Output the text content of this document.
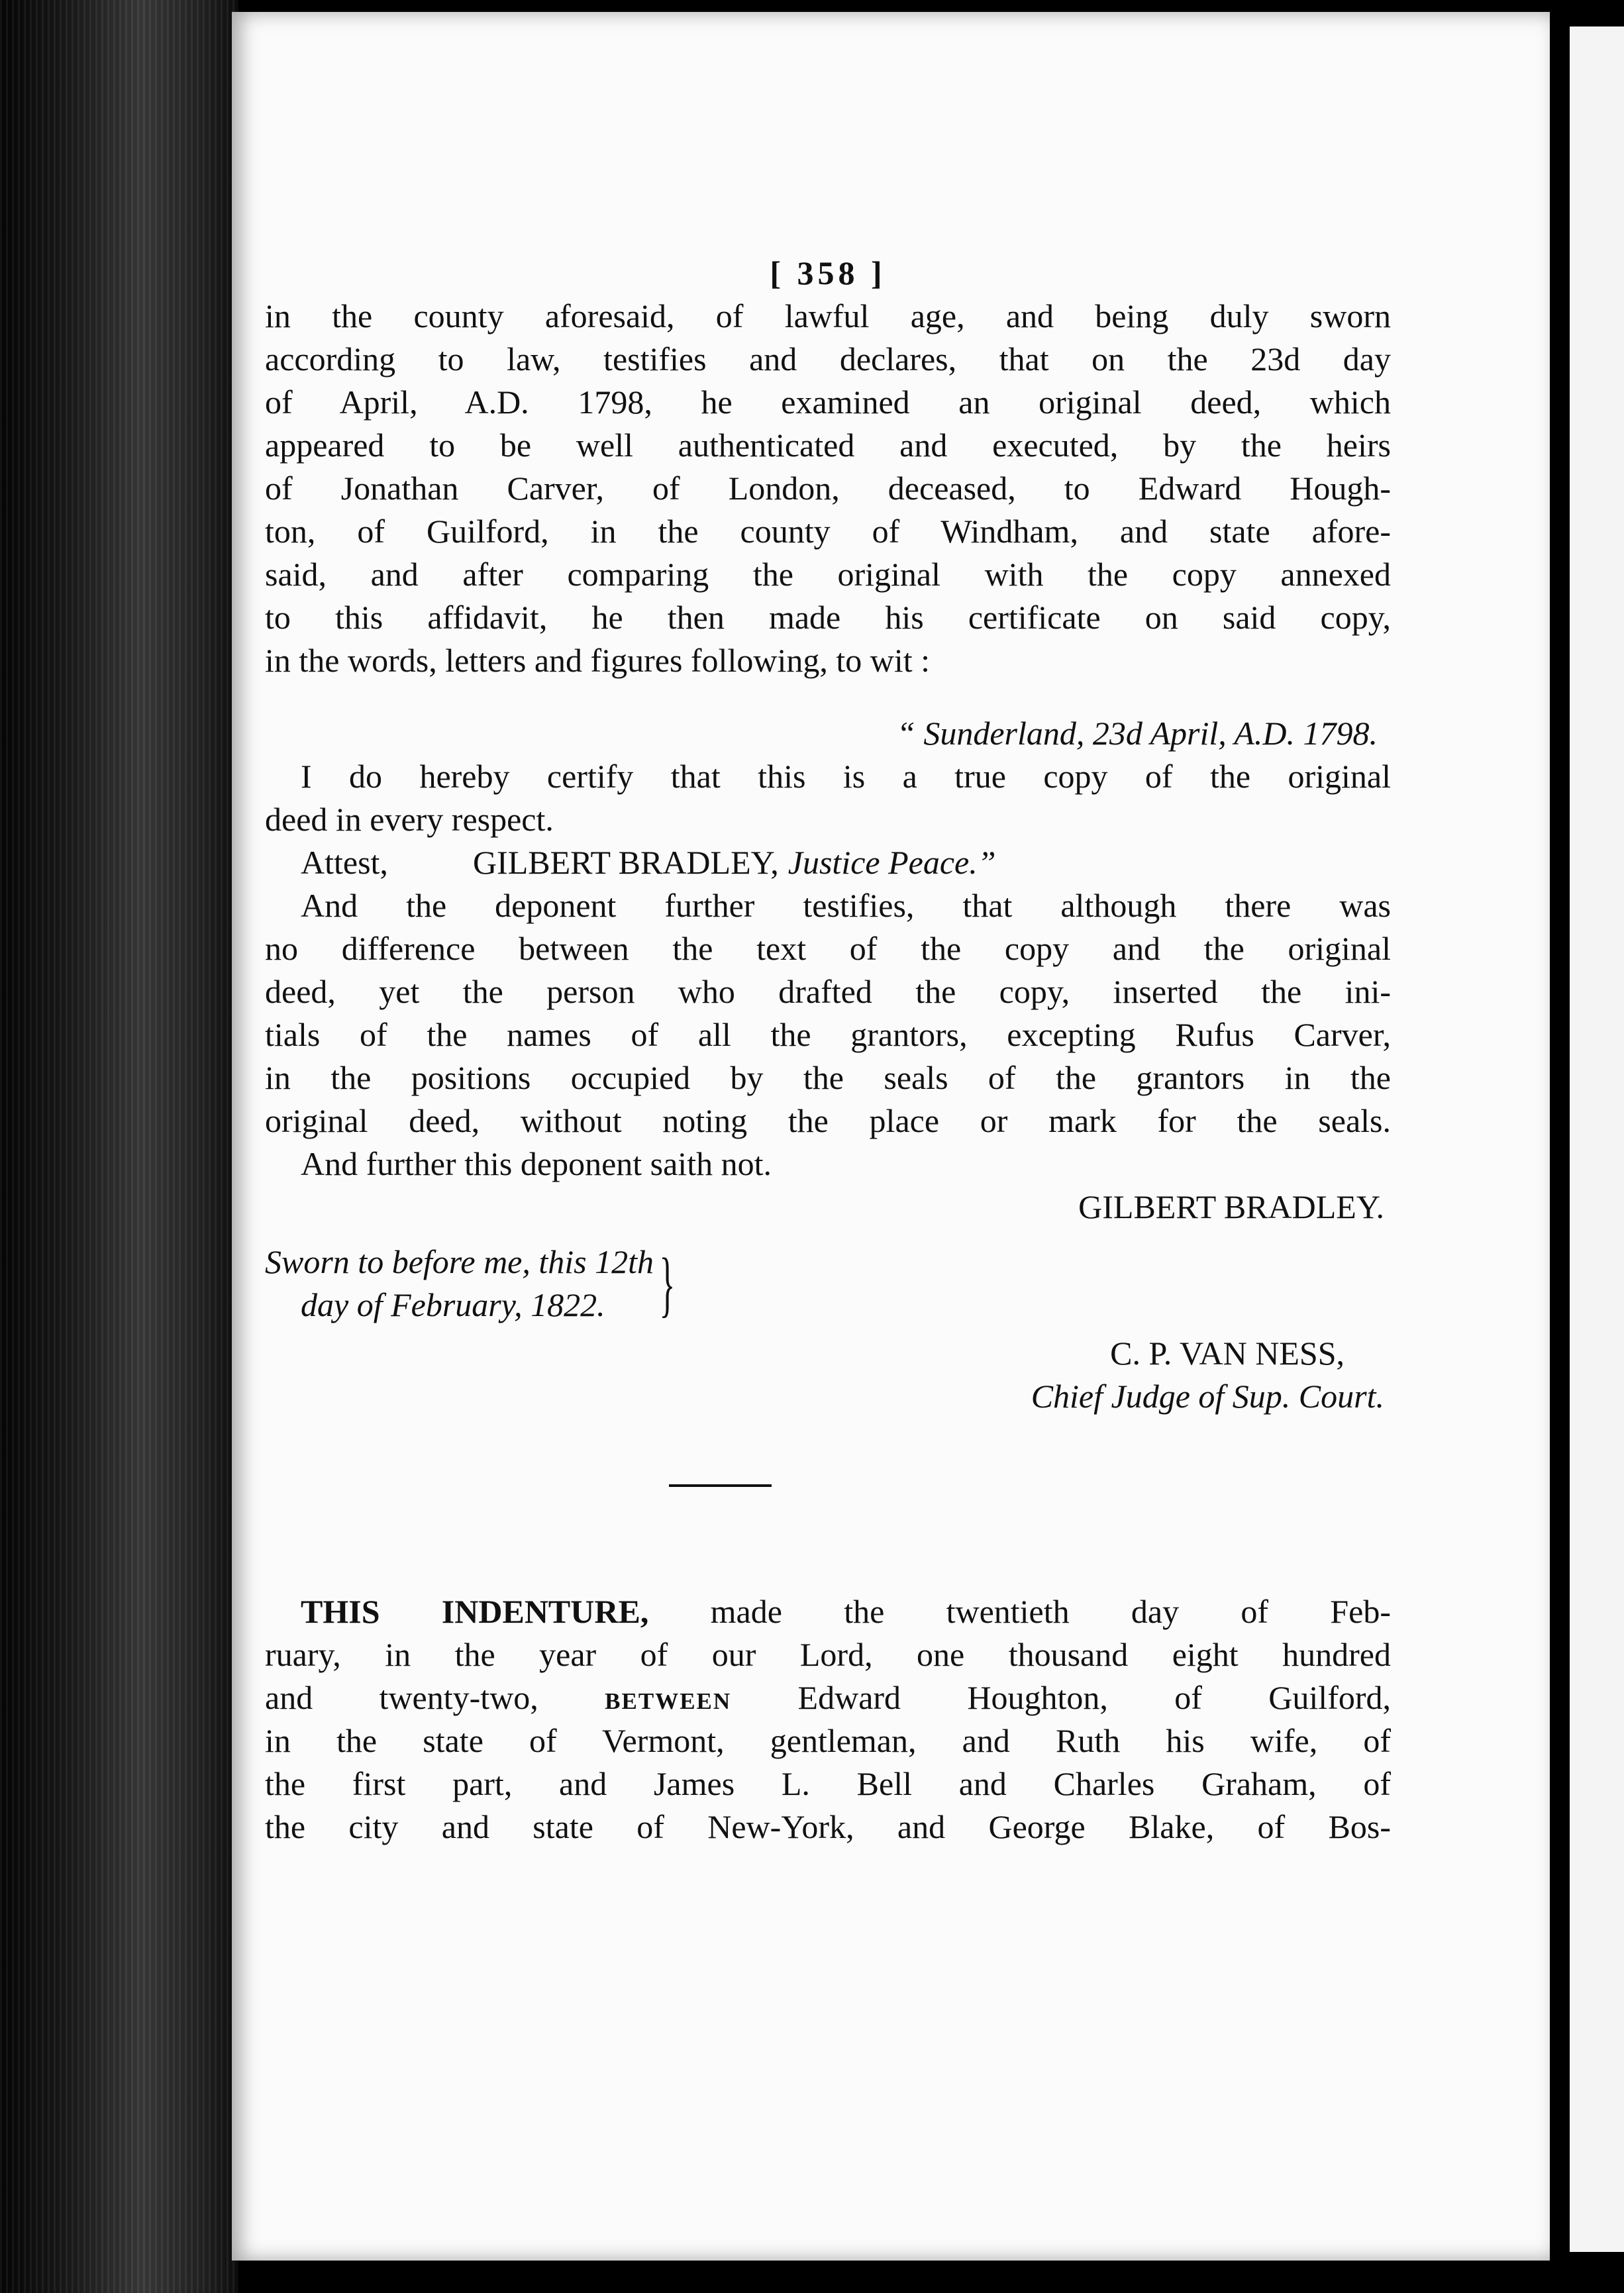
[ 358 ]

in the county aforesaid, of lawful age, and being duly sworn

according to law, testifies and declares, that on the 23d day

of April, A.D. 1798, he examined an original deed, which

appeared to be well authenticated and executed, by the heirs

of Jonathan Carver, of London, deceased, to Edward Hough-

ton, of Guilford, in the county of Windham, and state afore-

said, and after comparing the original with the copy annexed

to this affidavit, he then made his certificate on said copy,

in the words, letters and figures following, to wit :

“ Sunderland, 23d April, A.D. 1798.

I do hereby certify that this is a true copy of the original

deed in every respect.

Attest,	GILBERT BRADLEY, Justice Peace.”

And the deponent further testifies, that although there was

no difference between the text of the copy and the original

deed, yet the person who drafted the copy, inserted the ini-

tials of the names of all the grantors, excepting Rufus Carver,

in the positions occupied by the seals of the grantors in the

original deed, without noting the place or mark for the seals.

And further this deponent saith not.

GILBERT BRADLEY.

Sworn to before me, this 12th

day of February, 1822. }

C. P. VAN NESS,

Chief Judge of Sup. Court.

THIS INDENTURE, made the twentieth day of Feb-

ruary, in the year of our Lord, one thousand eight hundred

and twenty-two, between Edward Houghton, of Guilford,

in the state of Vermont, gentleman, and Ruth his wife, of

the first part, and James L. Bell and Charles Graham, of

the city and state of New-York, and George Blake, of Bos-
